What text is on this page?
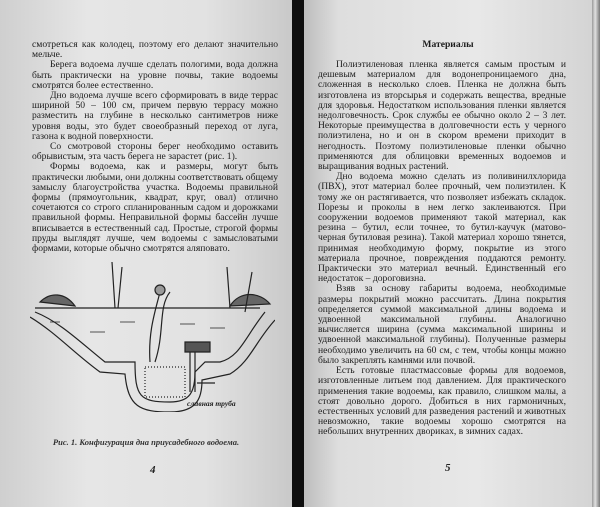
смотреться как колодец, поэтому его делают значительно мельче.

Берега водоема лучше сделать пологими, вода должна быть практически на уровне почвы, такие водоемы смотрятся более естественно.

Дно водоема лучше всего сформировать в виде террас шириной 50 – 100 см, причем первую террасу можно разместить на глубине в несколько сантиметров ниже уровня воды, это будет своеобразный переход от луга, газона к водной поверхности.

Со смотровой стороны берег необходимо оставить обрывистым, эта часть берега не зарастет (рис. 1).

Формы водоема, как и размеры, могут быть практически любыми, они должны соответствовать общему замыслу благоустройства участка. Водоемы правильной формы (прямоугольник, квадрат, круг, овал) отлично сочетаются со строго спланированным садом и дорожками правильной формы. Неправильной формы бассейн лучше вписывается в естественный сад. Простые, строгой формы пруды выглядят лучше, чем водоемы с замысловатыми формами, которые обычно смотрятся аляповато.

сливная труба
Рис. 1. Конфигурация дна приусадебного водоема.
4
Материалы

Полиэтиленовая пленка является самым простым и дешевым материалом для водонепроницаемого дна, сложенная в несколько слоев. Пленка не должна быть изготовлена из вторсырья и содержать вещества, вредные для здоровья. Недостатком использования пленки является недолговечность. Срок службы ее обычно около 2 – 3 лет. Некоторые преимущества в долговечности есть у черного полиэтилена, но и он в скором времени приходит в негодность. Поэтому полиэтиленовые пленки обычно применяются для облицовки временных водоемов и выращивания водных растений.

Дно водоема можно сделать из поливинилхлорида (ПВХ), этот материал более прочный, чем полиэтилен. К тому же он растягивается, что позволяет избежать складок. Порезы и проколы в нем легко заклеиваются. При сооружении водоемов применяют такой материал, как резина – бутил, если точнее, то бутил-каучук (матово-черная бутиловая резина). Такой материал хорошо тянется, принимая необходимую форму, покрытие из этого материала прочное, повреждения поддаются ремонту. Практически это материал вечный. Единственный его недостаток – дороговизна.

Взяв за основу габариты водоема, необходимые размеры покрытий можно рассчитать. Длина покрытия определяется суммой максимальной длины водоема и удвоенной максимальной глубины. Аналогично вычисляется ширина (сумма максимальной ширины и удвоенной максимальной глубины). Полученные размеры необходимо увеличить на 60 см, с тем, чтобы концы можно было закреплять камнями или почвой.

Есть готовые пластмассовые формы для водоемов, изготовленные литьем под давлением. Для практического применения такие водоемы, как правило, слишком малы, а стоят довольно дорого. Добиться в них гармоничных, естественных условий для разведения растений и животных невозможно, такие водоемы хорошо смотрятся на небольших внутренних двориках, в зимних садах.

5
